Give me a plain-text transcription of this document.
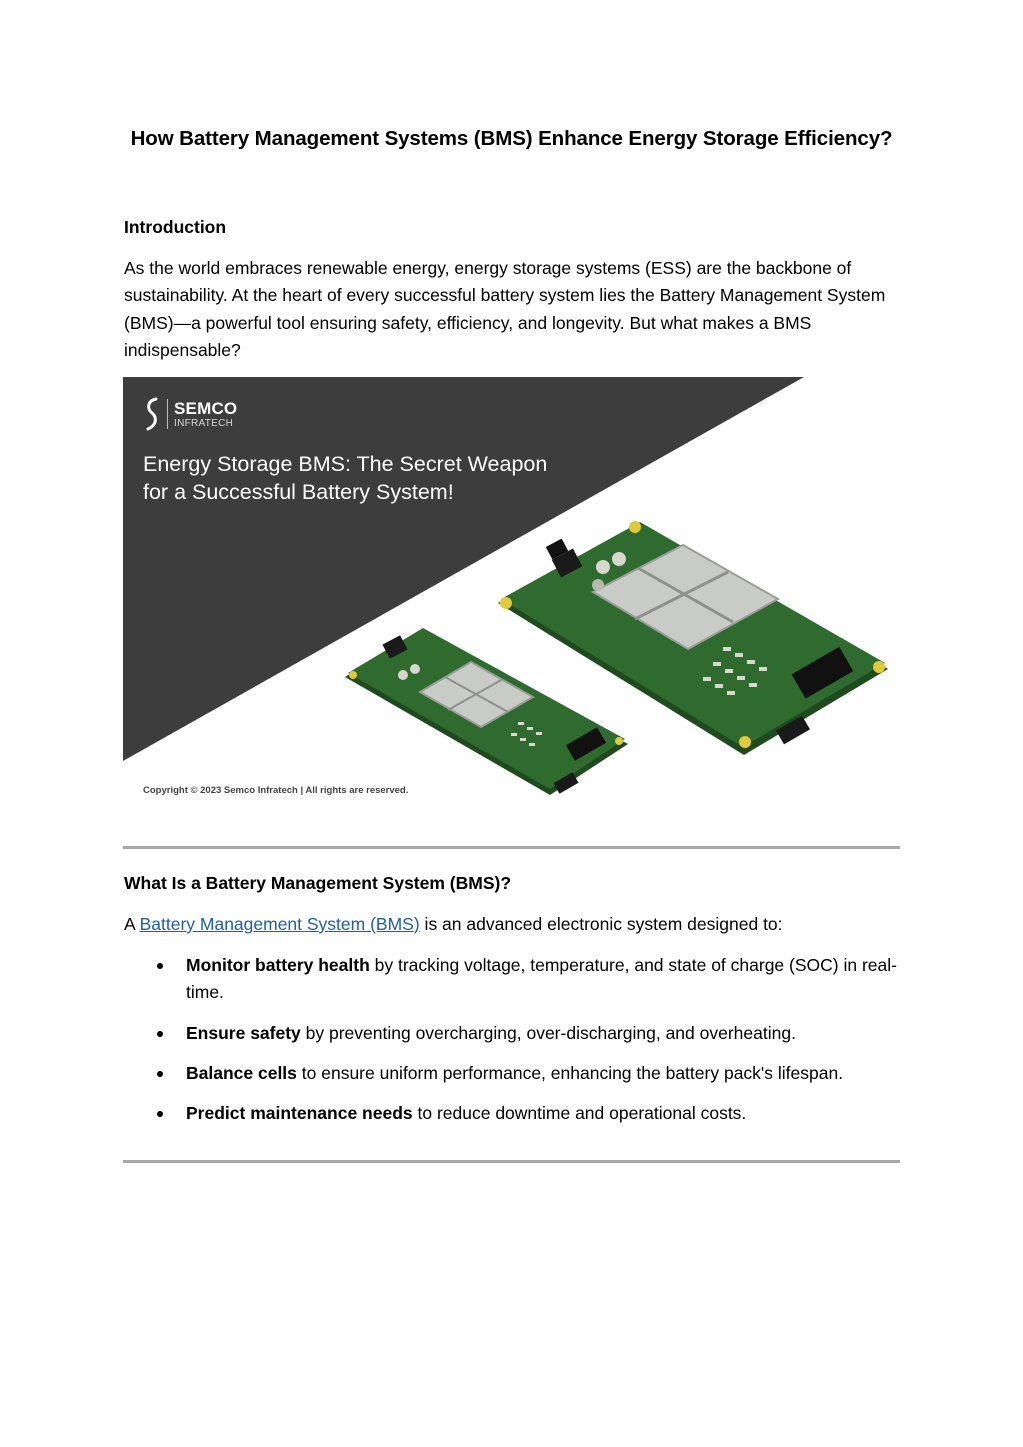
How Battery Management Systems (BMS) Enhance Energy Storage Efficiency?
Introduction

As the world embraces renewable energy, energy storage systems (ESS) are the backbone of sustainability. At the heart of every successful battery system lies the Battery Management System (BMS)—a powerful tool ensuring safety, efficiency, and longevity. But what makes a BMS indispensable?

SEMCO
INFRATECH
Energy Storage BMS: The Secret Weapon for a Successful Battery System!
Copyright © 2023 Semco Infratech | All rights are reserved.
What Is a Battery Management System (BMS)?
A Battery Management System (BMS) is an advanced electronic system designed to:
Monitor battery health by tracking voltage, temperature, and state of charge (SOC) in real-time.
Ensure safety by preventing overcharging, over-discharging, and overheating.
Balance cells to ensure uniform performance, enhancing the battery pack's lifespan.
Predict maintenance needs to reduce downtime and operational costs.
